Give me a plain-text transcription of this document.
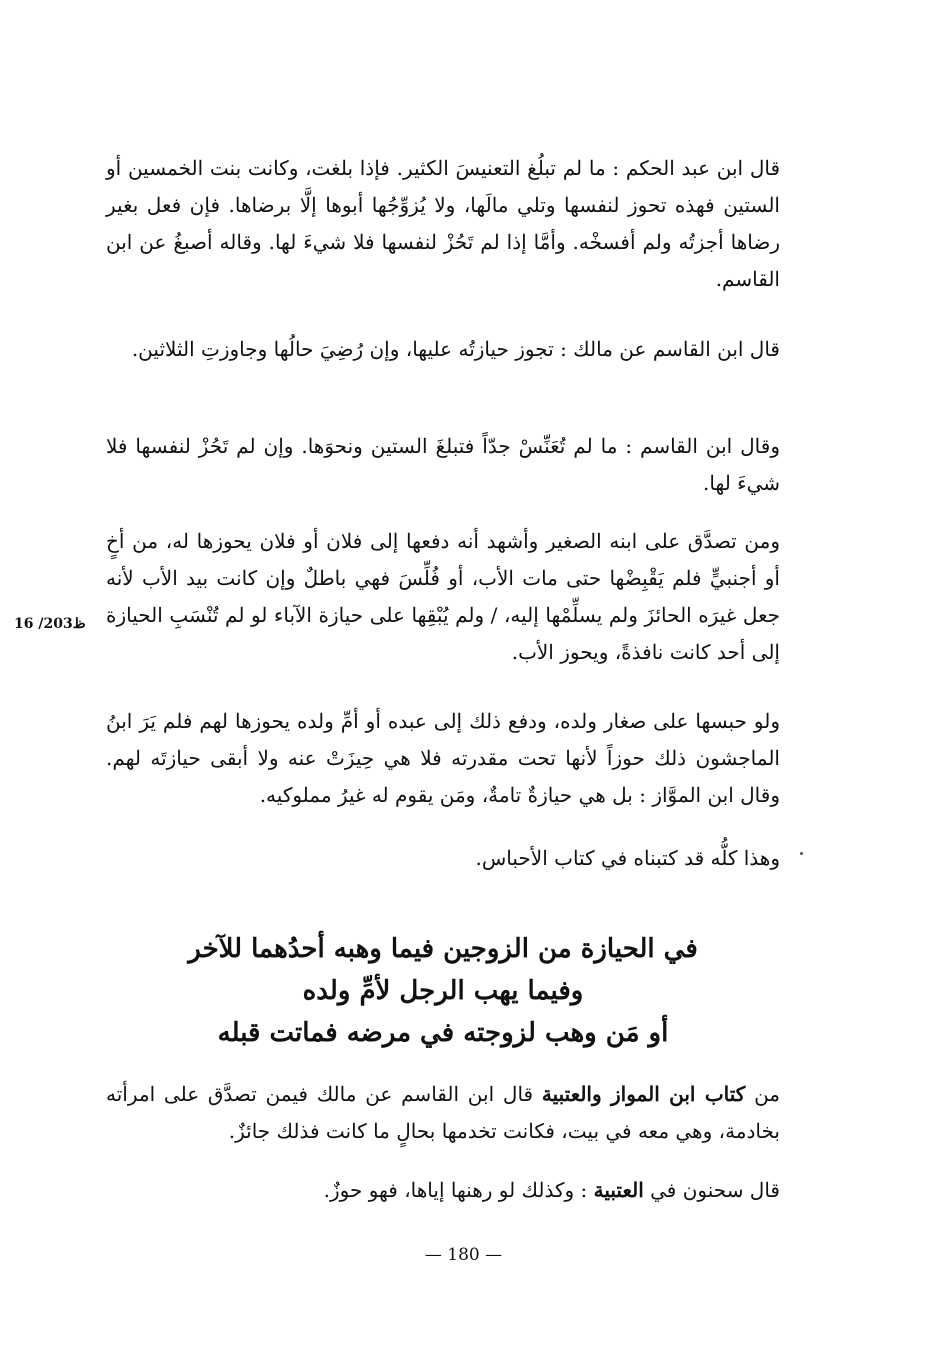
قال ابن عبد الحكم : ما لم تبلُغ التعنيسَ الكثير. فإذا بلغت، وكانت بنت الخمسين أو الستين فهذه تحوز لنفسها وتلي مالَها، ولا يُزوِّجُها أبوها إلَّا برضاها. فإن فعل بغير رضاها أجزتُه ولم أفسخْه. وأمَّا إذا لم تَحُزْ لنفسها فلا شيءَ لها. وقاله أصبغُ عن ابن القاسم.

قال ابن القاسم عن مالك : تجوز حيازتُه عليها، وإن رُضِيَ حالُها وجاوزتِ الثلاثين.

وقال ابن القاسم : ما لم تُعَنِّسْ جدّاً فتبلغَ الستين ونحوَها. وإن لم تَحُزْ لنفسها فلا شيءَ لها.

ومن تصدَّق على ابنه الصغير وأشهد أنه دفعها إلى فلان أو فلان يحوزها له، من أخٍ أو أجنبيٍّ فلم يَقْبِضْها حتى مات الأب، أو فُلِّسَ فهي باطلٌ وإن كانت بيد الأب لأنه جعل غيرَه الحائزَ ولم يسلِّمْها إليه، / ولم يُبْقِها على حيازة الآباء لو لم تُنْسَبِ الحيازة إلى أحد كانت نافذةً، ويحوز الأب.

16 /203ظ

ولو حبسها على صغار ولده، ودفع ذلك إلى عبده أو أمِّ ولده يحوزها لهم فلم يَرَ ابنُ الماجشون ذلك حوزاً لأنها تحت مقدرته فلا هي حِيزَتْ عنه ولا أبقى حيازتَه لهم. وقال ابن الموَّاز : بل هي حيازةٌ تامةٌ، ومَن يقوم له غيرُ مملوكيه.

وهذا كلُّه قد كتبناه في كتاب الأحباس.

في الحيازة من الزوجين فيما وهبه أحدُهما للآخر
وفيما يهب الرجل لأمِّ ولده
أو مَن وهب لزوجته في مرضه فماتت قبله

من كتاب ابن المواز والعتبية قال ابن القاسم عن مالك فيمن تصدَّق على امرأته بخادمة، وهي معه في بيت، فكانت تخدمها بحالٍ ما كانت فذلك جائزٌ.

قال سحنون في العتبية : وكذلك لو رهنها إياها، فهو حوزٌ.

— 180 —
